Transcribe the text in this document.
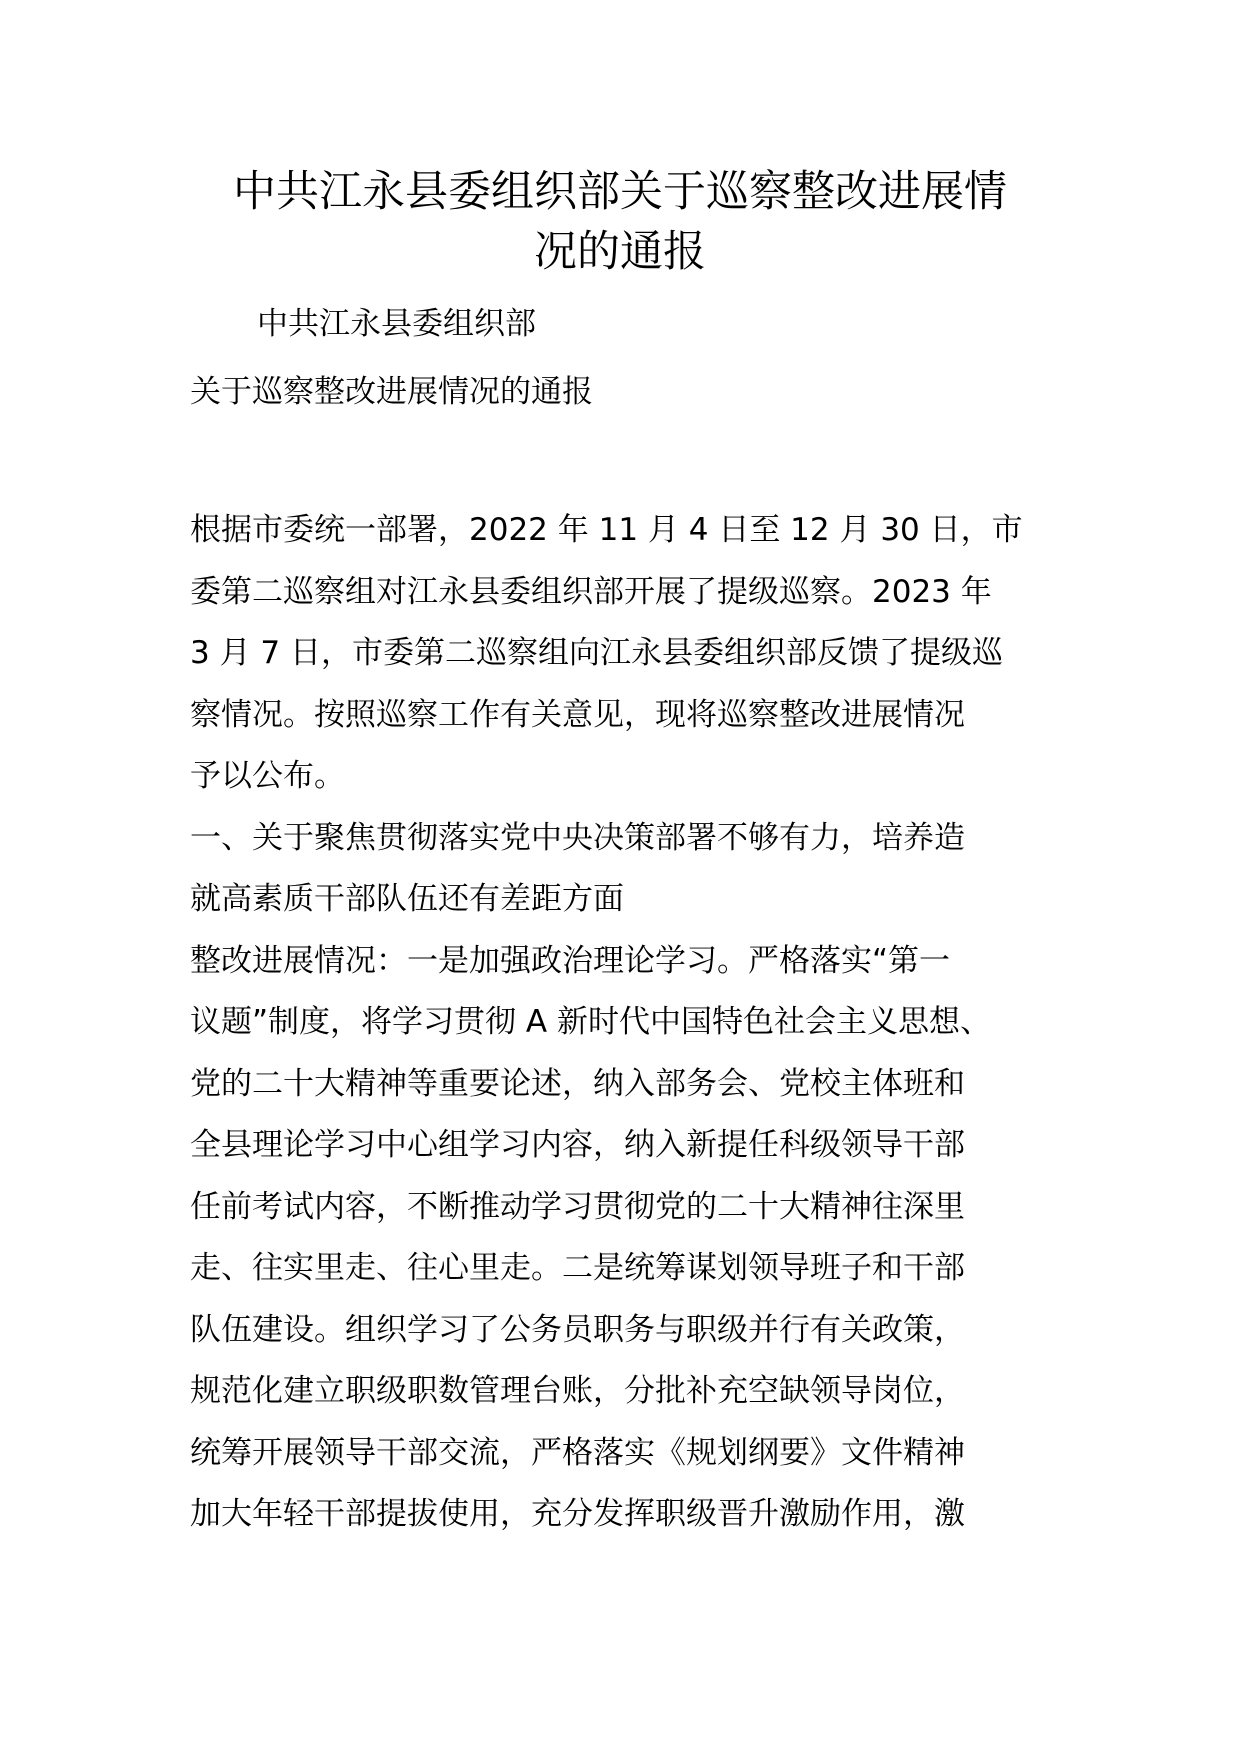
中共江永县委组织部关于巡察整改进展情
况的通报
中共江永县委组织部
关于巡察整改进展情况的通报
根据市委统一部署，2022 年 11 月 4 日至 12 月 30 日，市
委第二巡察组对江永县委组织部开展了提级巡察。2023 年
3 月 7 日，市委第二巡察组向江永县委组织部反馈了提级巡
察情况。按照巡察工作有关意见，现将巡察整改进展情况
予以公布。
一、关于聚焦贯彻落实党中央决策部署不够有力，培养造
就高素质干部队伍还有差距方面
整改进展情况：一是加强政治理论学习。严格落实“第一
议题”制度，将学习贯彻 A 新时代中国特色社会主义思想、
党的二十大精神等重要论述，纳入部务会、党校主体班和
全县理论学习中心组学习内容，纳入新提任科级领导干部
任前考试内容，不断推动学习贯彻党的二十大精神往深里
走、往实里走、往心里走。二是统筹谋划领导班子和干部
队伍建设。组织学习了公务员职务与职级并行有关政策，
规范化建立职级职数管理台账，分批补充空缺领导岗位，
统筹开展领导干部交流，严格落实《规划纲要》文件精神
加大年轻干部提拔使用，充分发挥职级晋升激励作用，激
